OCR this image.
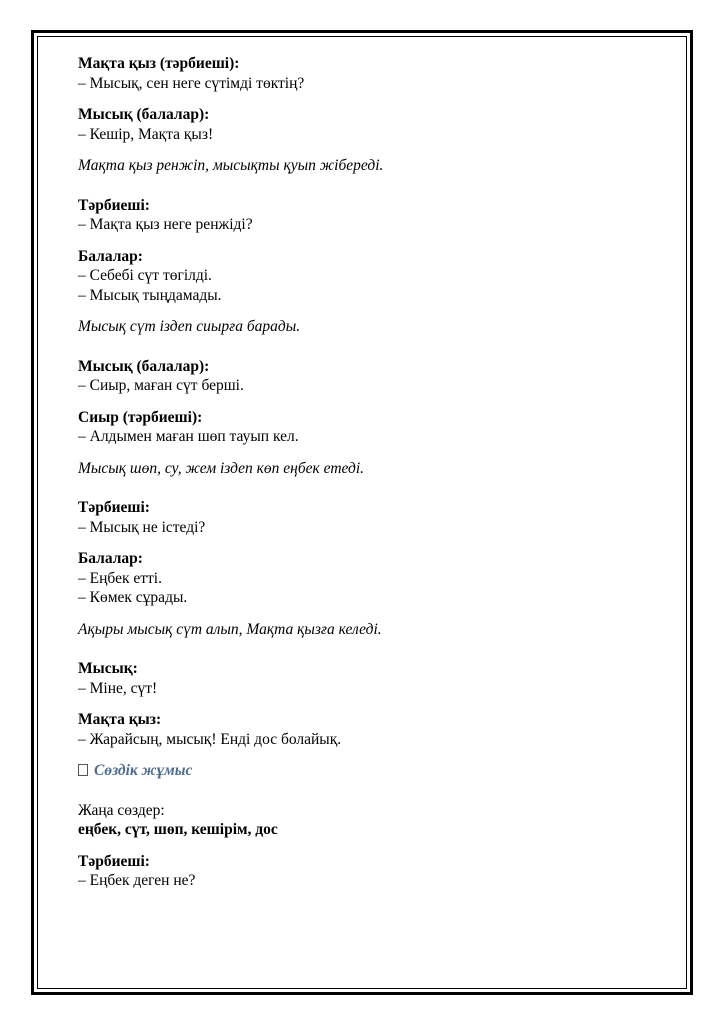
Мақта қыз (тәрбиеші):
– Мысық, сен неге сүтімді төктің?
Мысық (балалар):
– Кешір, Мақта қыз!
Мақта қыз ренжіп, мысықты қуып жібереді.
Тәрбиеші:
– Мақта қыз неге ренжіді?
Балалар:
– Себебі сүт төгілді.
– Мысық тыңдамады.
Мысық сүт іздеп сиырға барады.
Мысық (балалар):
– Сиыр, маған сүт берші.
Сиыр (тәрбиеші):
– Алдымен маған шөп тауып кел.
Мысық шөп, су, жем іздеп көп еңбек етеді.
Тәрбиеші:
– Мысық не істеді?
Балалар:
– Еңбек етті.
– Көмек сұрады.
Ақыры мысық сүт алып, Мақта қызға келеді.
Мысық:
– Міне, сүт!
Мақта қыз:
– Жарайсың, мысық! Енді дос болайық.
Сөздік жұмыс
Жаңа сөздер:
еңбек, сүт, шөп, кешірім, дос
Тәрбиеші:
– Еңбек деген не?
